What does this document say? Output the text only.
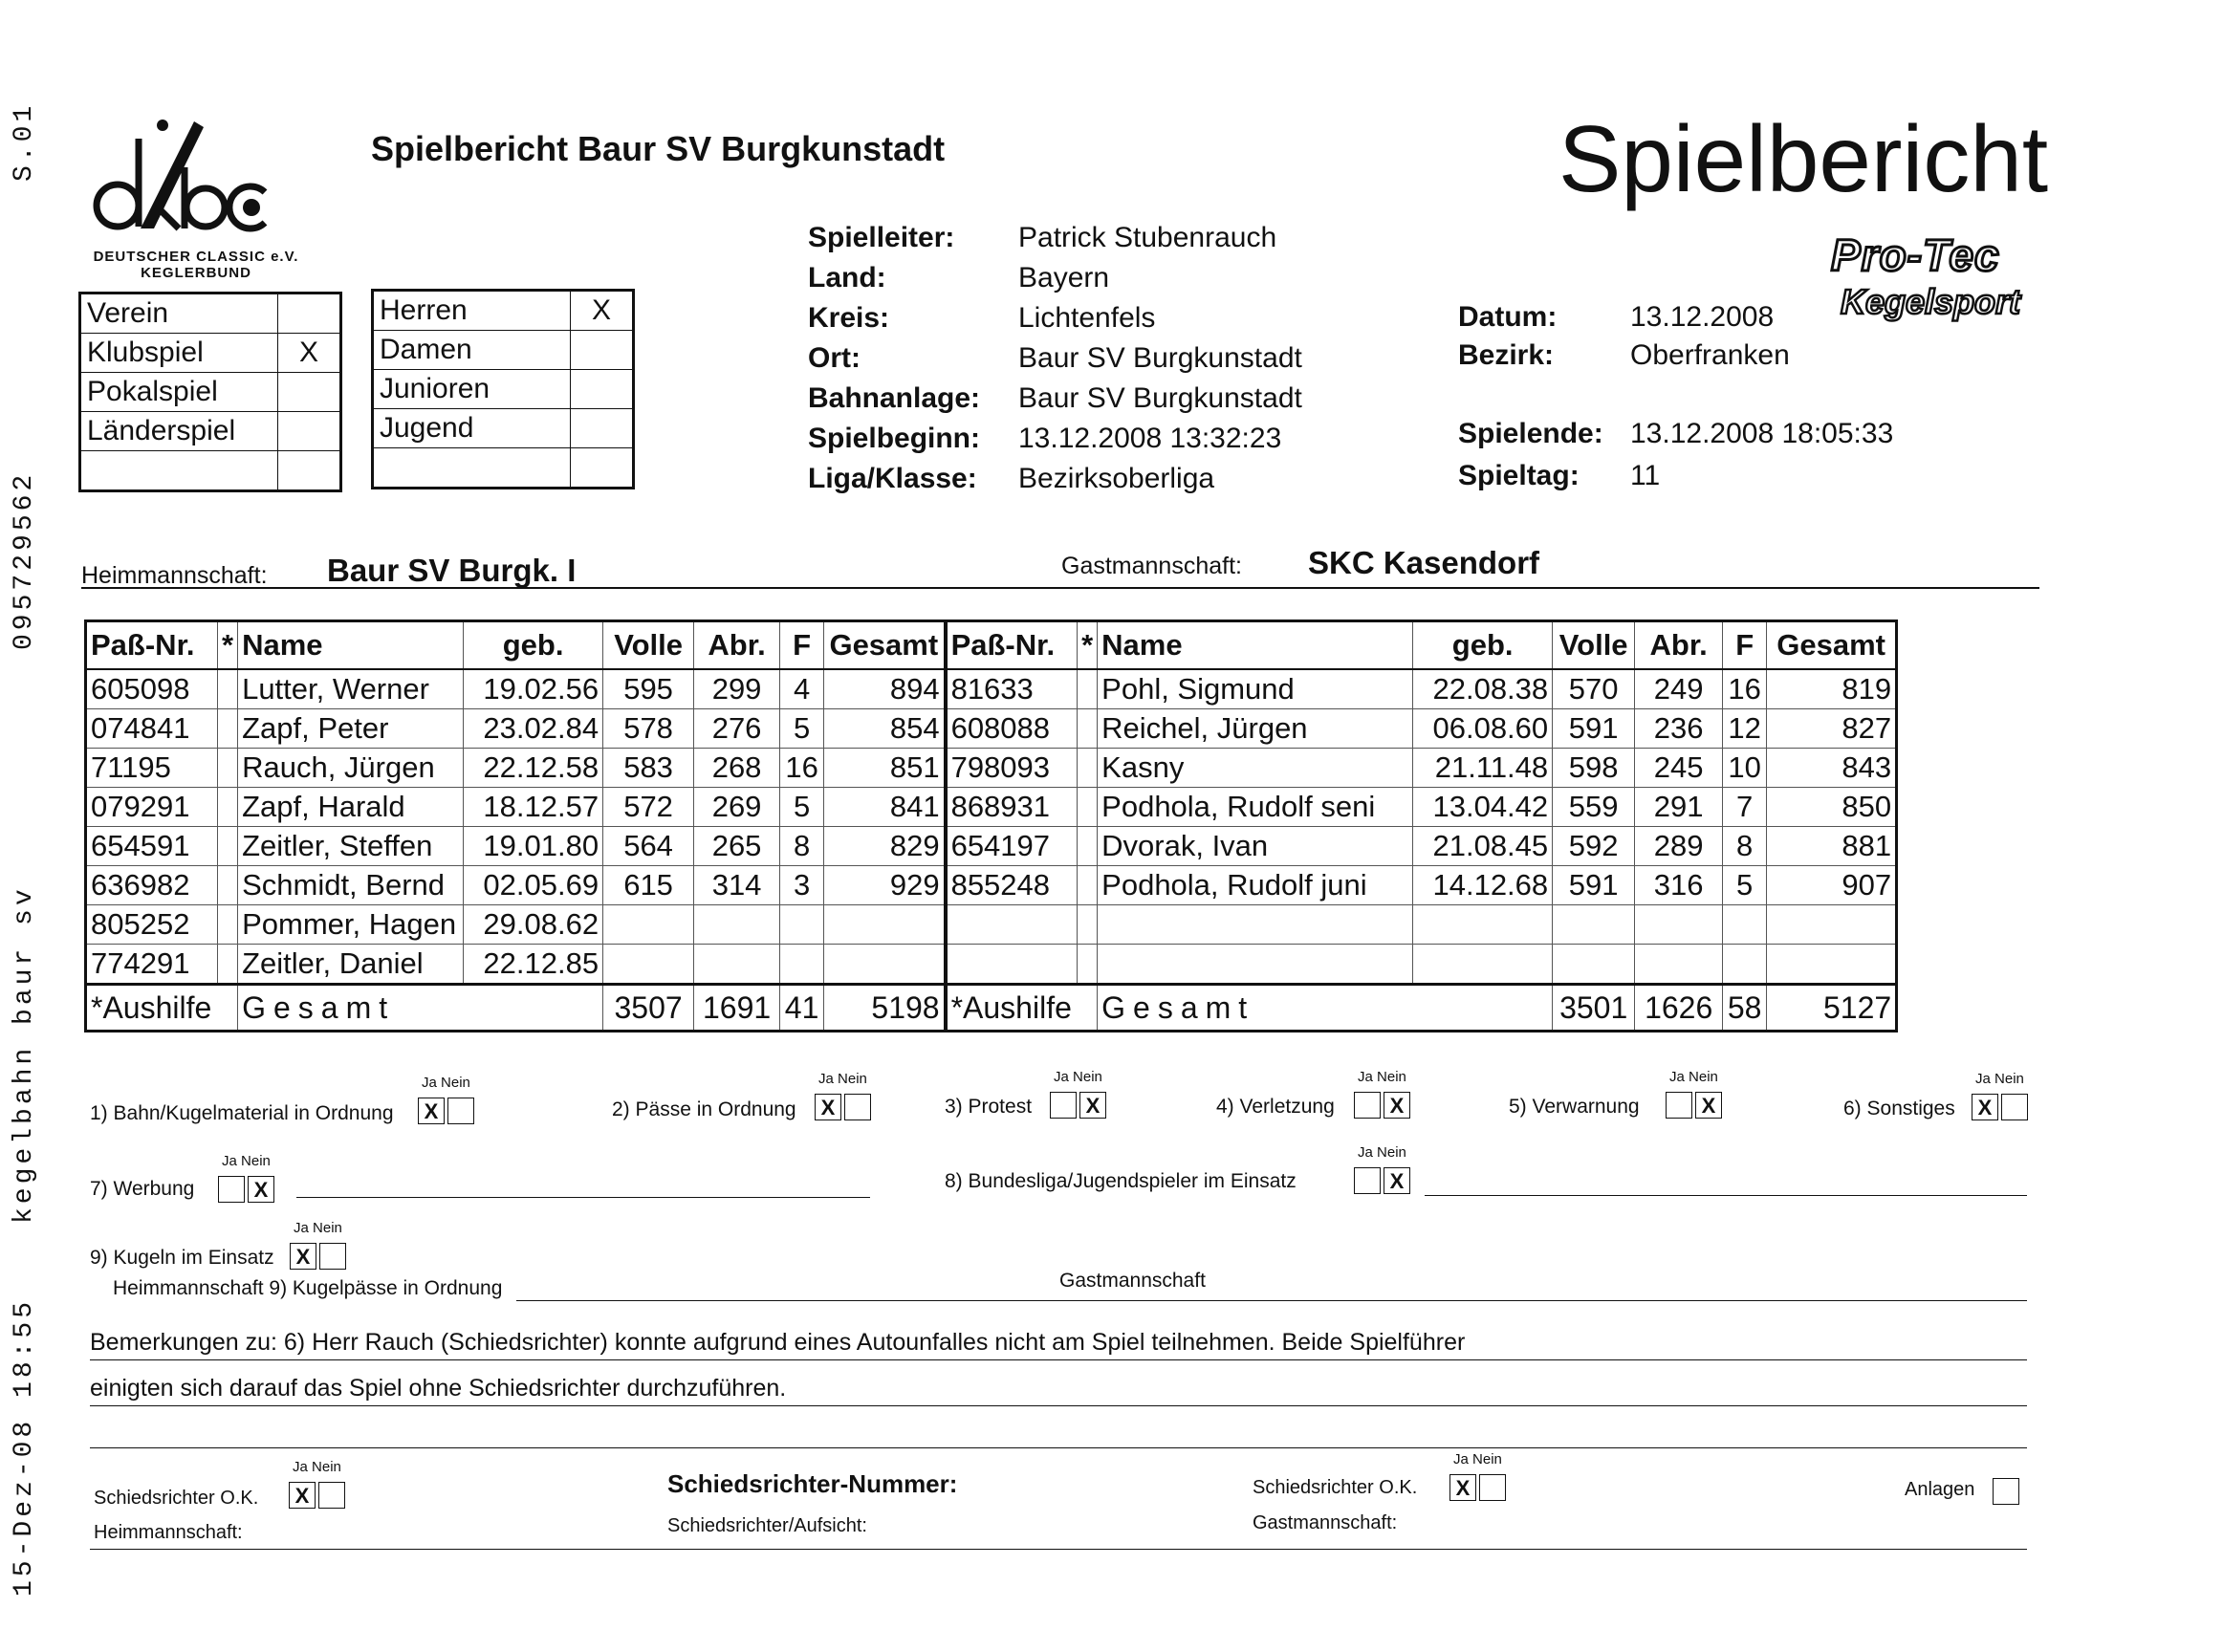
15-Dez-08 18:55
kegelbahn baur sv
095729562
S.01
DEUTSCHER CLASSIC e.V.
KEGLERBUND
Spielbericht Baur SV Burgkunstadt	Spielbericht
Pro-Tec
Kegelsport
Verein	
Klubspiel	X
Pokalspiel	
Länderspiel	

Herren	X
Damen	
Junioren	
Jugend	

Spielleiter: Patrick Stubenrauch
Land:	Bayern
Kreis:	Lichtenfels
Ort:	Baur SV Burgkunstadt
Bahnanlage: Baur SV Burgkunstadt
Spielbeginn: 13.12.2008 13:32:23
Liga/Klasse: Bezirksoberliga
Datum:	13.12.2008
Bezirk:	Oberfranken
Spielende: 13.12.2008 18:05:33
Spieltag: 11
Heimmannschaft: Baur SV Burgk. I	Gastmannschaft: SKC Kasendorf
Paß-Nr.	*	Name	geb.	Volle	Abr.	F	Gesamt	Paß-Nr.	*	Name	geb.	Volle	Abr.	F	Gesamt
605098		Lutter, Werner	19.02.56	595	299	4	894	81633		Pohl, Sigmund	22.08.38	570	249	16	819
074841		Zapf, Peter	23.02.84	578	276	5	854	608088		Reichel, Jürgen	06.08.60	591	236	12	827
71195		Rauch, Jürgen	22.12.58	583	268	16	851	798093		Kasny	21.11.48	598	245	10	843
079291		Zapf, Harald	18.12.57	572	269	5	841	868931		Podhola, Rudolf seni	13.04.42	559	291	7	850
654591		Zeitler, Steffen	19.01.80	564	265	8	829	654197		Dvorak, Ivan	21.08.45	592	289	8	881
636982		Schmidt, Bernd	02.05.69	615	314	3	929	855248		Podhola, Rudolf juni	14.12.68	591	316	5	907
805252		Pommer, Hagen	29.08.62												
774291		Zeitler, Daniel	22.12.85												
*Aushilfe		Gesamt		3507	1691	41	5198	*Aushilfe		Gesamt		3501	1626	58	5127
1) Bahn/Kugelmaterial in Ordnung
Ja Nein
X	2) Pässe in Ordnung
Ja Nein
X	3) Protest
Ja Nein
X	4) Verletzung
Ja Nein
X	5) Verwarnung
Ja Nein
X	6) Sonstiges
Ja Nein
X
7) Werbung
Ja Nein
X	8) Bundesliga/Jugendspieler im Einsatz
Ja Nein
X
9) Kugeln im Einsatz
Ja Nein
X
Heimmannschaft 9) Kugelpässe in Ordnung	Gastmannschaft
Bemerkungen zu: 6) Herr Rauch (Schiedsrichter) konnte aufgrund eines Autounfalles nicht am Spiel teilnehmen. Beide Spielführer
einigten sich darauf das Spiel ohne Schiedsrichter durchzuführen.
Schiedsrichter O.K.
Ja Nein
X
Heimmannschaft:
Schiedsrichter-Nummer:
Schiedsrichter/Aufsicht:
Schiedsrichter O.K.
Ja Nein
X
Gastmannschaft:
Anlagen
